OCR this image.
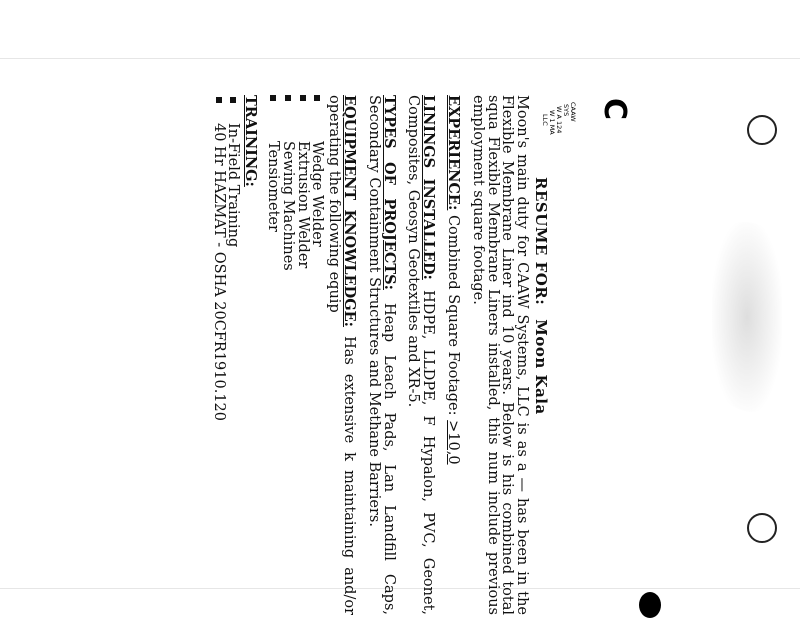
C
CAAW
SYS
W A 124
W 1 MA
LLC
RESUME FOR:Moon Kala

Moon's main duty for CAAW Systems, LLC is as a — has been in the Flexible Membrane Liner ind 10 years. Below is his combined total squa Flexible Membrane Liners installed, this num include previous employment square footage.

EXPERIENCE: Combined Square Footage: >10,0

LININGS INSTALLED: HDPE, LLDPE, F Hypalon, PVC, Geonet, Composites, Geosyn Geotextiles and XR-5.

TYPES OF PROJECTS: Heap Leach Pads, Lan Landfill Caps, Secondary Containment Structures and Methane Barriers.

EQUIPMENT KNOWLEDGE: Has extensive k maintaining and/or operating the following equip

Wedge Welder
Extrusion Welder
Sewing Machines
Tensiometer
TRAINING:
In-Field Training
40 Hr HAZMAT - OSHA 20CFR1910.120
